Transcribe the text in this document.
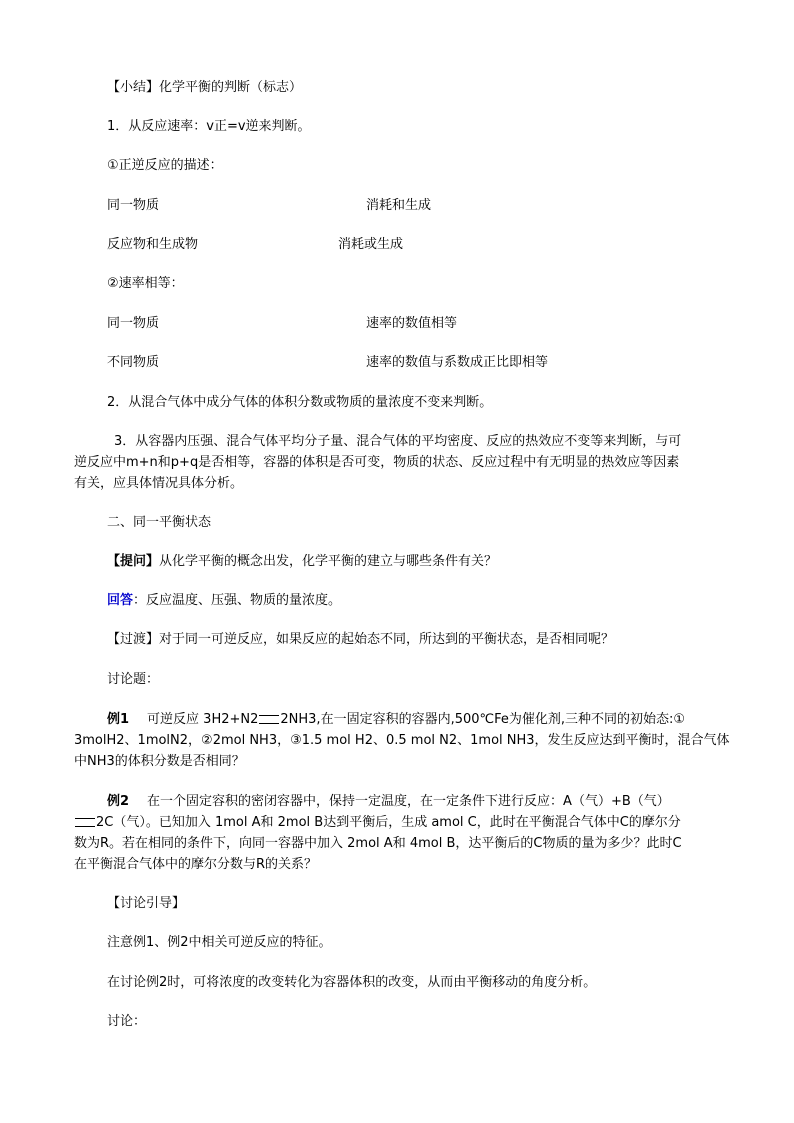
【小结】化学平衡的判断（标志）
1．从反应速率：v正=v逆来判断。
①正逆反应的描述：
同一物质	消耗和生成
反应物和生成物	消耗或生成
②速率相等：
同一物质	速率的数值相等
不同物质	速率的数值与系数成正比即相等
2．从混合气体中成分气体的体积分数或物质的量浓度不变来判断。
3．从容器内压强、混合气体平均分子量、混合气体的平均密度、反应的热效应不变等来判断，与可
逆反应中m+n和p+q是否相等，容器的体积是否可变，物质的状态、反应过程中有无明显的热效应等因素
有关，应具体情况具体分析。
二、同一平衡状态
【提问】从化学平衡的概念出发，化学平衡的建立与哪些条件有关？
回答：反应温度、压强、物质的量浓度。
【过渡】对于同一可逆反应，如果反应的起始态不同，所达到的平衡状态，是否相同呢？
讨论题：
例1 可逆反应 3H2+N2 2NH3,在一固定容积的容器内,500℃Fe为催化剂,三种不同的初始态:①
3molH2、1molN2，②2mol NH3，③1.5 mol H2、0.5 mol N2、1mol NH3，发生反应达到平衡时，混合气体
中NH3的体积分数是否相同？
例2 在一个固定容积的密闭容器中，保持一定温度，在一定条件下进行反应：A（气）+B（气）
2C（气）。已知加入 1mol A和 2mol B达到平衡后，生成 amol C，此时在平衡混合气体中C的摩尔分
数为R。若在相同的条件下，向同一容器中加入 2mol A和 4mol B，达平衡后的C物质的量为多少？此时C
在平衡混合气体中的摩尔分数与R的关系？
【讨论引导】
注意例1、例2中相关可逆反应的特征。
在讨论例2时，可将浓度的改变转化为容器体积的改变，从而由平衡移动的角度分析。
讨论：
